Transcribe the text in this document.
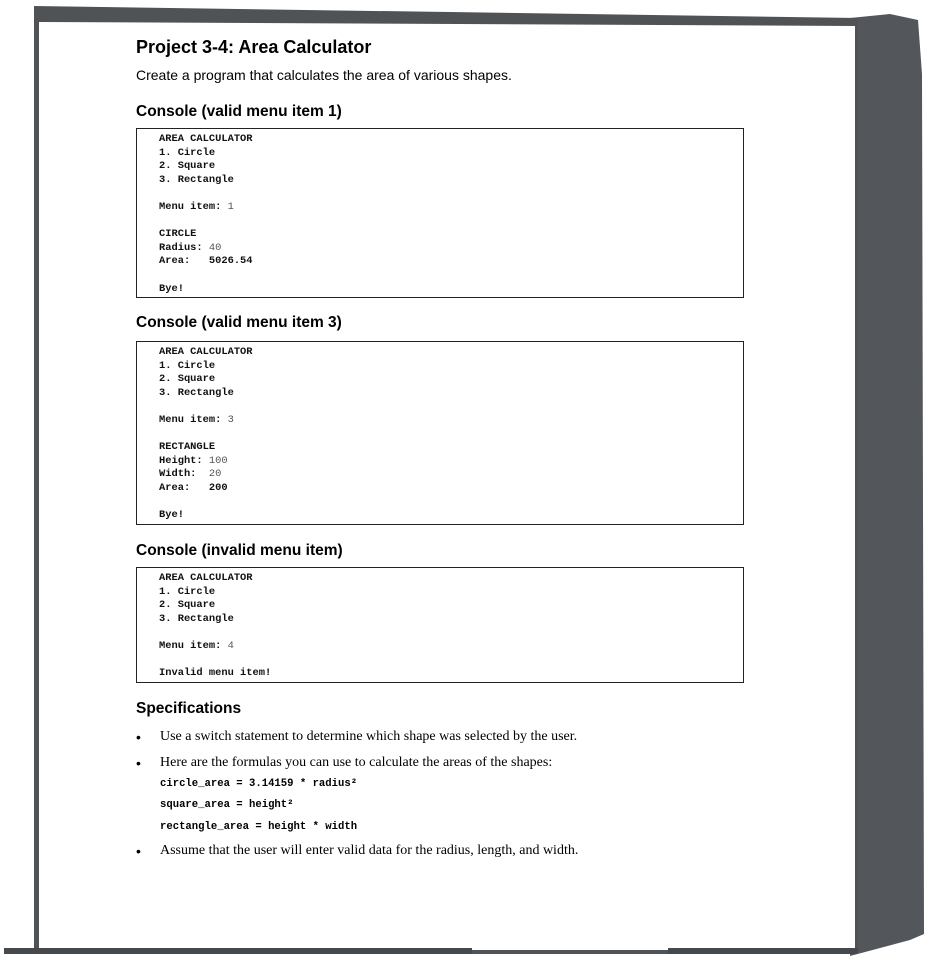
Project 3-4: Area Calculator

Create a program that calculates the area of various shapes.

Console (valid menu item 1)
AREA CALCULATOR
1. Circle
2. Square
3. Rectangle
Menu item: 1
CIRCLE
Radius: 40
Area:   5026.54
Bye!
Console (valid menu item 3)
AREA CALCULATOR
1. Circle
2. Square
3. Rectangle
Menu item: 3
RECTANGLE
Height: 100
Width:  20
Area:   200
Bye!
Console (invalid menu item)
AREA CALCULATOR
1. Circle
2. Square
3. Rectangle
Menu item: 4
Invalid menu item!
Specifications
• Use a switch statement to determine which shape was selected by the user.
• Here are the formulas you can use to calculate the areas of the shapes:
circle_area = 3.14159 * radius²
square_area = height²
rectangle_area = height * width
• Assume that the user will enter valid data for the radius, length, and width.
